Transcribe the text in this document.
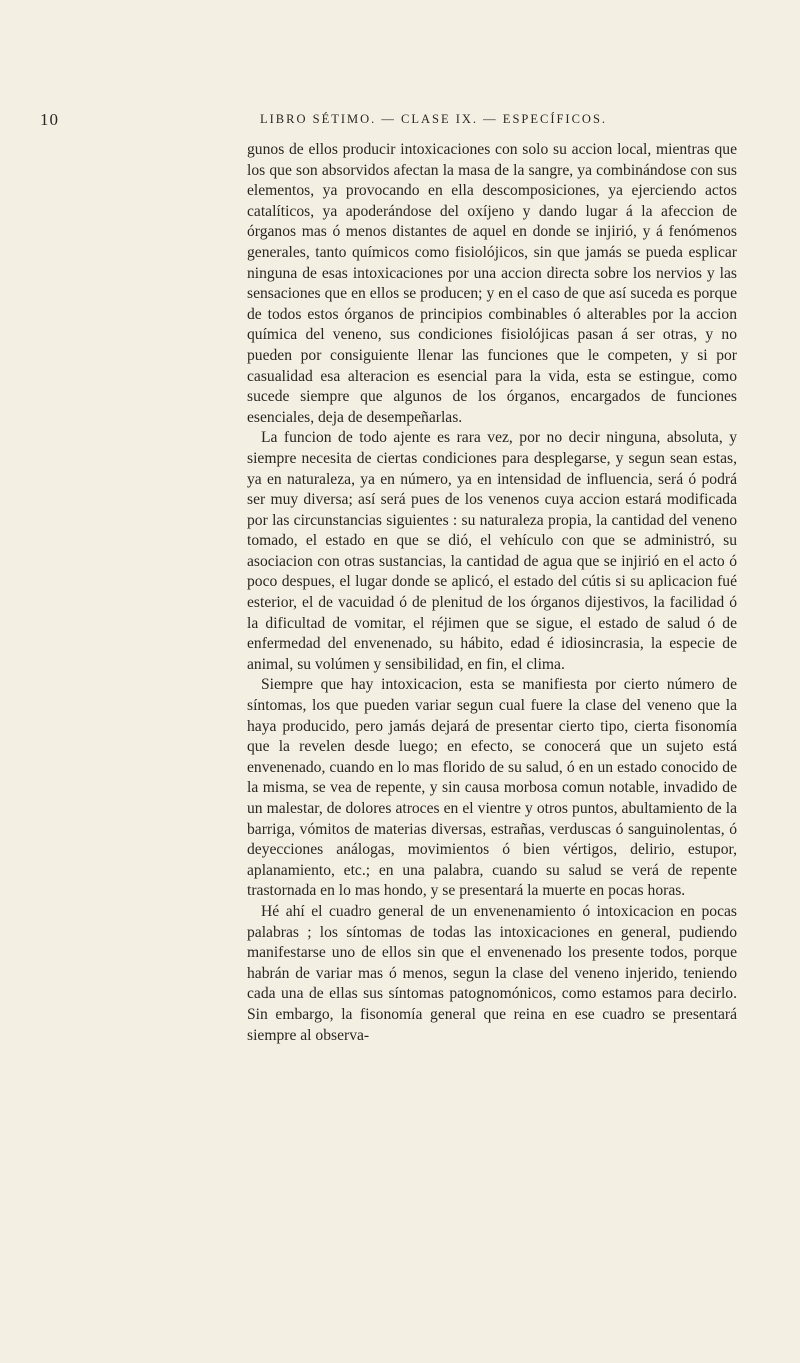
10	LIBRO SÉTIMO. — CLASE IX. — ESPECÍFICOS.

gunos de ellos producir intoxicaciones con solo su accion local, mientras que los que son absorvidos afectan la masa de la sangre, ya combinándose con sus elementos, ya provocando en ella descomposiciones, ya ejerciendo actos catalíticos, ya apoderándose del oxíjeno y dando lugar á la afeccion de órganos mas ó menos distantes de aquel en donde se injirió, y á fenómenos generales, tanto químicos como fisiolójicos, sin que jamás se pueda esplicar ninguna de esas intoxicaciones por una accion directa sobre los nervios y las sensaciones que en ellos se producen; y en el caso de que así suceda es porque de todos estos órganos de principios combinables ó alterables por la accion química del veneno, sus condiciones fisiolójicas pasan á ser otras, y no pueden por consiguiente llenar las funciones que le competen, y si por casualidad esa alteracion es esencial para la vida, esta se estingue, como sucede siempre que algunos de los órganos, encargados de funciones esenciales, deja de desempeñarlas.

La funcion de todo ajente es rara vez, por no decir ninguna, absoluta, y siempre necesita de ciertas condiciones para desplegarse, y segun sean estas, ya en naturaleza, ya en número, ya en intensidad de influencia, será ó podrá ser muy diversa; así será pues de los venenos cuya accion estará modificada por las circunstancias siguientes : su naturaleza propia, la cantidad del veneno tomado, el estado en que se dió, el vehículo con que se administró, su asociacion con otras sustancias, la cantidad de agua que se injirió en el acto ó poco despues, el lugar donde se aplicó, el estado del cútis si su aplicacion fué esterior, el de vacuidad ó de plenitud de los órganos dijestivos, la facilidad ó la dificultad de vomitar, el réjimen que se sigue, el estado de salud ó de enfermedad del envenenado, su hábito, edad é idiosincrasia, la especie de animal, su volúmen y sensibilidad, en fin, el clima.

Siempre que hay intoxicacion, esta se manifiesta por cierto número de síntomas, los que pueden variar segun cual fuere la clase del veneno que la haya producido, pero jamás dejará de presentar cierto tipo, cierta fisonomía que la revelen desde luego; en efecto, se conocerá que un sujeto está envenenado, cuando en lo mas florido de su salud, ó en un estado conocido de la misma, se vea de repente, y sin causa morbosa comun notable, invadido de un malestar, de dolores atroces en el vientre y otros puntos, abultamiento de la barriga, vómitos de materias diversas, estrañas, verduscas ó sanguinolentas, ó deyecciones análogas, movimientos ó bien vértigos, delirio, estupor, aplanamiento, etc.; en una palabra, cuando su salud se verá de repente trastornada en lo mas hondo, y se presentará la muerte en pocas horas.

Hé ahí el cuadro general de un envenenamiento ó intoxicacion en pocas palabras ; los síntomas de todas las intoxicaciones en general, pudiendo manifestarse uno de ellos sin que el envenenado los presente todos, porque habrán de variar mas ó menos, segun la clase del veneno injerido, teniendo cada una de ellas sus síntomas patognomónicos, como estamos para decirlo. Sin embargo, la fisonomía general que reina en ese cuadro se presentará siempre al observa-
